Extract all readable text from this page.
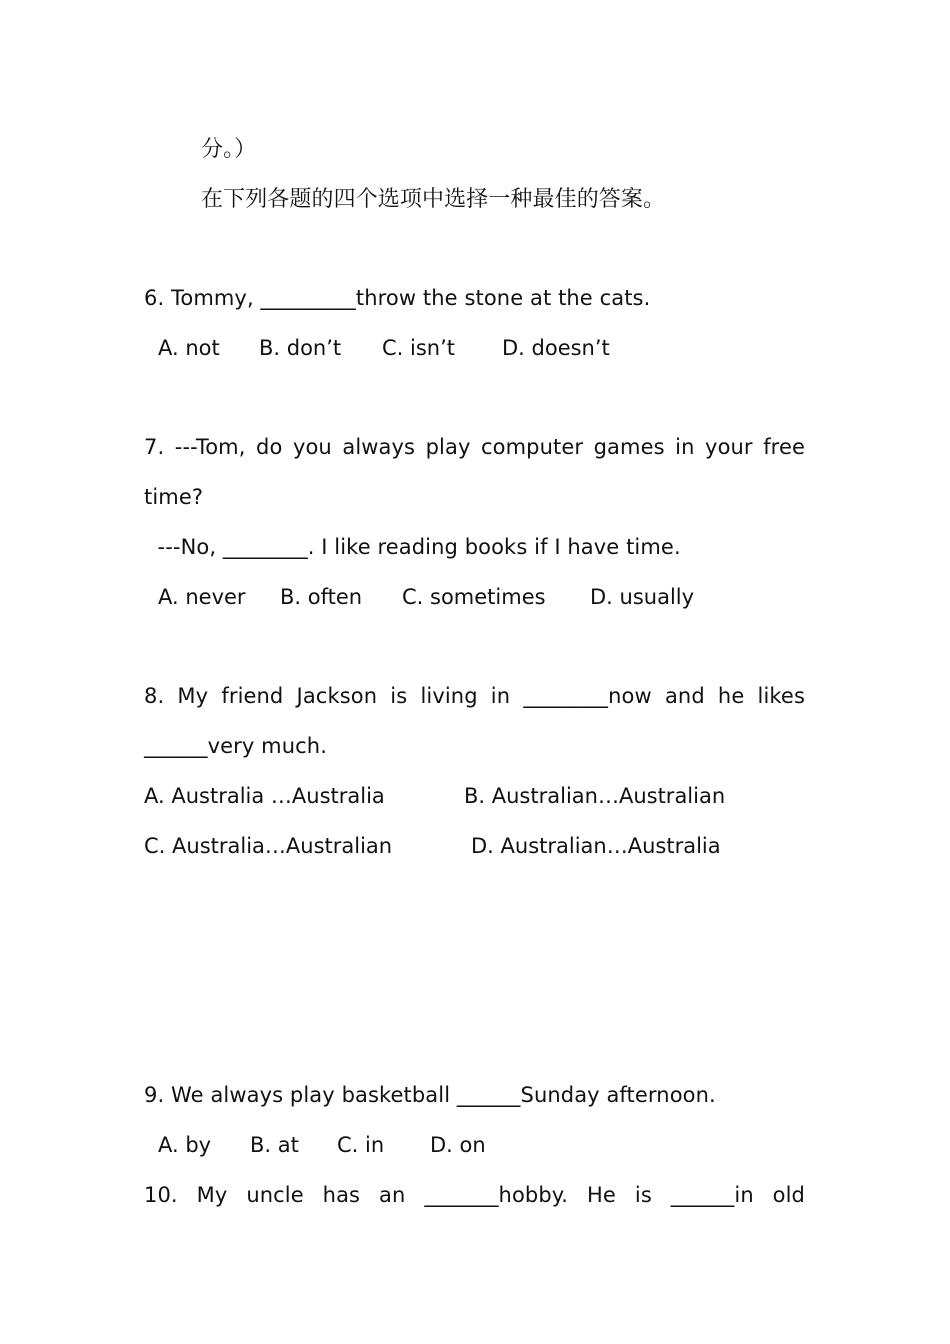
分。）
在下列各题的四个选项中选择一种最佳的答案。
6. Tommy, _________throw the stone at the cats.
A. not B. don’t C. isn’t D. doesn’t
7. ---Tom, do you always play computer games in your free
time?
---No, ________. I like reading books if I have time.
A. never B. often C. sometimes D. usually
8. My friend Jackson is living in ________now and he likes
______very much.
A. Australia …Australia	B. Australian…Australian
C. Australia…Australian	D. Australian…Australia
9. We always play basketball ______Sunday afternoon.
A. by B. at C. in D. on
10. My uncle has an _______hobby. He is ______in old
